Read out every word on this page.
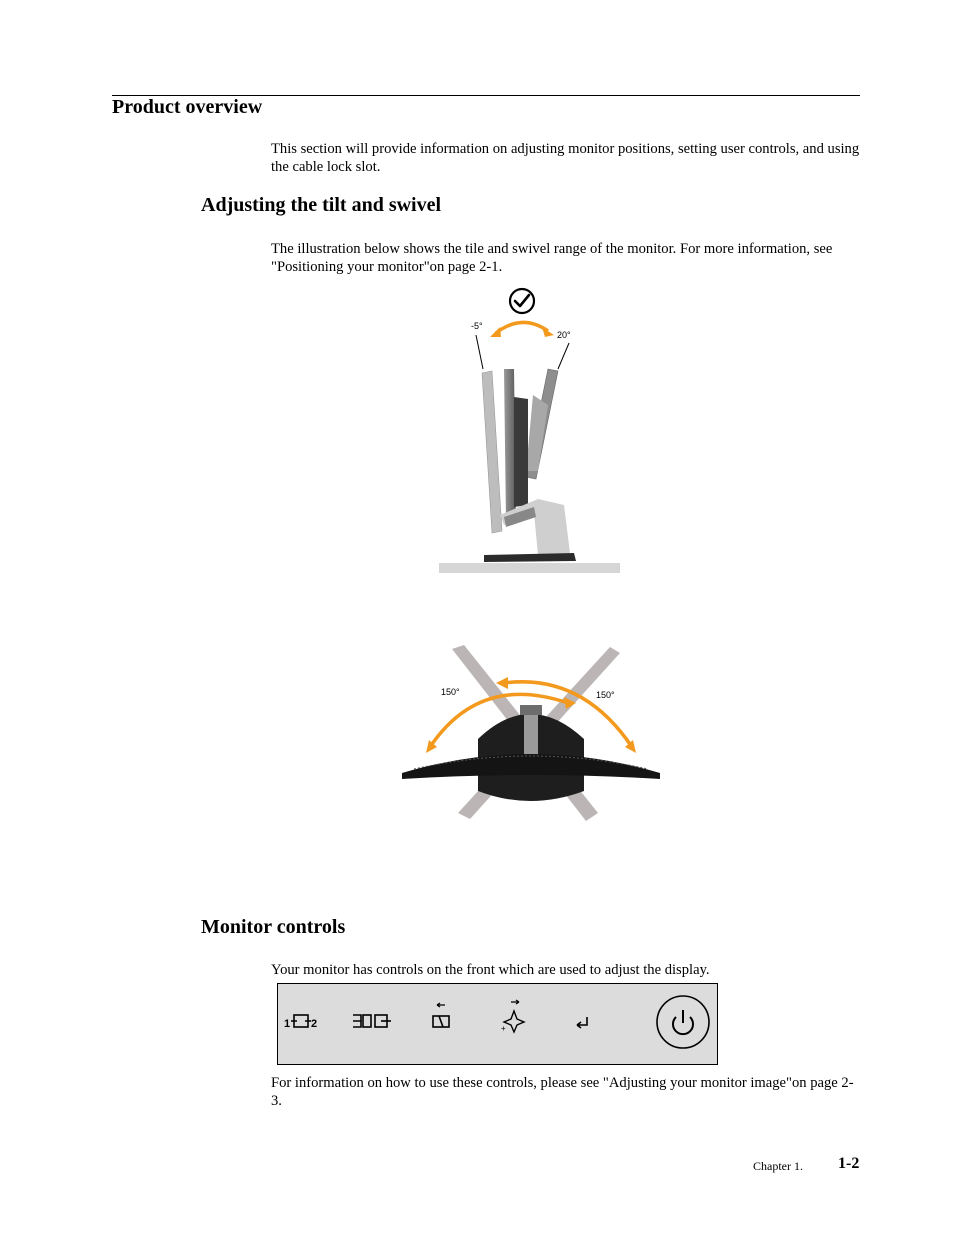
Product overview
This section will provide information on adjusting monitor positions, setting user controls, and using the cable lock slot.
Adjusting the tilt and swivel
The illustration below shows the tile and swivel range of the monitor. For more information, see "Positioning your monitor"on page 2-1.
-5°
20°
150°	150°
Monitor controls
Your monitor has controls on the front which are used to adjust the display.
1 2	+
For information on how to use these controls, please see "Adjusting your monitor image"on page 2-3.
Chapter 1. 1-2
